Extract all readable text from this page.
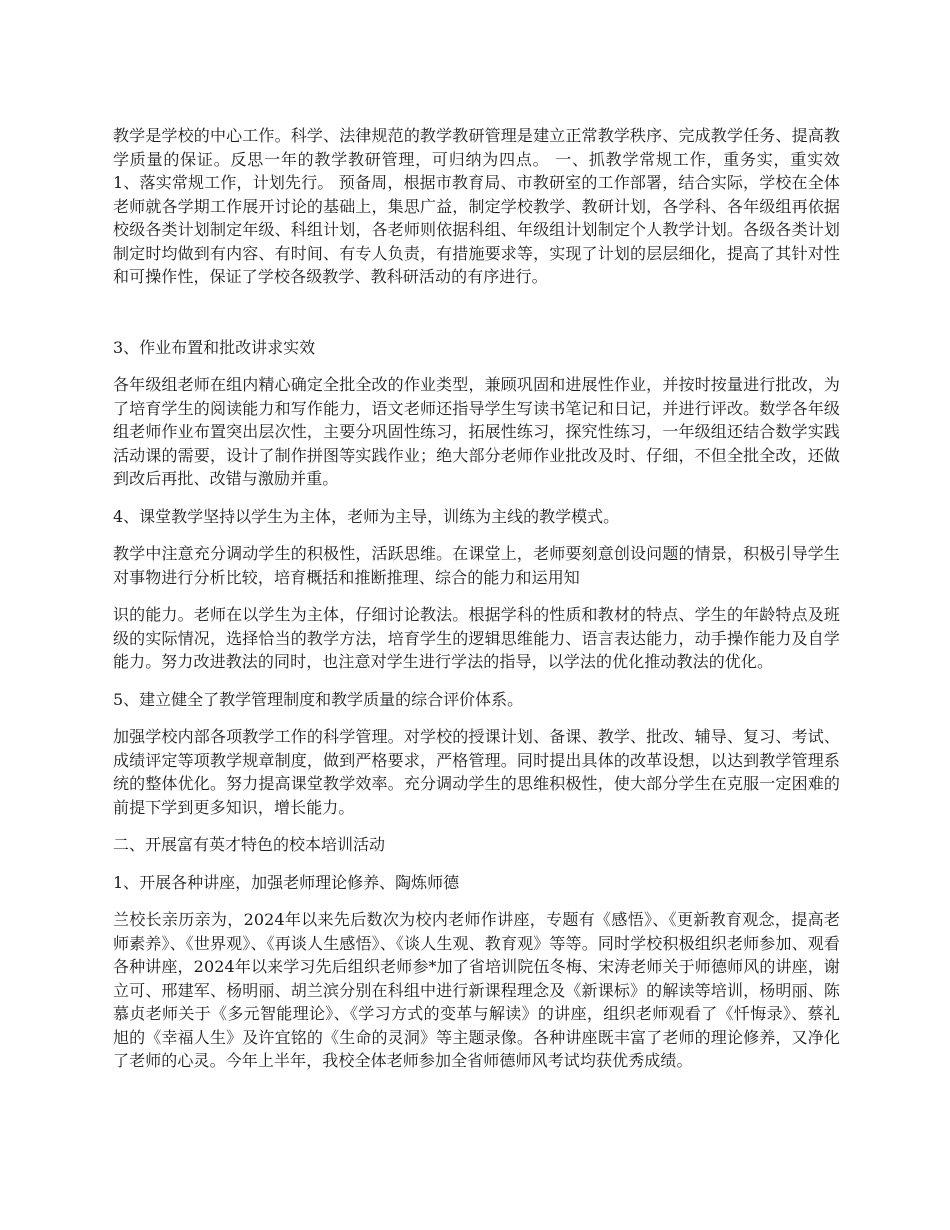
教学是学校的中心工作。科学、法律规范的教学教研管理是建立正常教学秩序、完成教学任务、提高教学质量的保证。反思一年的教学教研管理，可归纳为四点。 一、抓教学常规工作，重务实，重实效 1、落实常规工作，计划先行。 预备周，根据市教育局、市教研室的工作部署，结合实际，学校在全体老师就各学期工作展开讨论的基础上，集思广益，制定学校教学、教研计划，各学科、各年级组再依据校级各类计划制定年级、科组计划，各老师则依据科组、年级组计划制定个人教学计划。各级各类计划制定时均做到有内容、有时间、有专人负责，有措施要求等，实现了计划的层层细化，提高了其针对性和可操作性，保证了学校各级教学、教科研活动的有序进行。

3、作业布置和批改讲求实效

各年级组老师在组内精心确定全批全改的作业类型，兼顾巩固和进展性作业，并按时按量进行批改，为了培育学生的阅读能力和写作能力，语文老师还指导学生写读书笔记和日记，并进行评改。数学各年级组老师作业布置突出层次性，主要分巩固性练习，拓展性练习，探究性练习，一年级组还结合数学实践活动课的需要，设计了制作拼图等实践作业；绝大部分老师作业批改及时、仔细，不但全批全改，还做到改后再批、改错与激励并重。

4、课堂教学坚持以学生为主体，老师为主导，训练为主线的教学模式。

教学中注意充分调动学生的积极性，活跃思维。在课堂上，老师要刻意创设问题的情景，积极引导学生对事物进行分析比较，培育概括和推断推理、综合的能力和运用知

识的能力。老师在以学生为主体，仔细讨论教法。根据学科的性质和教材的特点、学生的年龄特点及班级的实际情况，选择恰当的教学方法，培育学生的逻辑思维能力、语言表达能力，动手操作能力及自学能力。努力改进教法的同时，也注意对学生进行学法的指导，以学法的优化推动教法的优化。

5、建立健全了教学管理制度和教学质量的综合评价体系。

加强学校内部各项教学工作的科学管理。对学校的授课计划、备课、教学、批改、辅导、复习、考试、成绩评定等项教学规章制度，做到严格要求，严格管理。同时提出具体的改革设想，以达到教学管理系统的整体优化。努力提高课堂教学效率。充分调动学生的思维积极性，使大部分学生在克服一定困难的前提下学到更多知识，增长能力。

二、开展富有英才特色的校本培训活动

1、开展各种讲座，加强老师理论修养、陶炼师德

兰校长亲历亲为，2024年以来先后数次为校内老师作讲座，专题有《感悟》、《更新教育观念，提高老师素养》、《世界观》、《再谈人生感悟》、《谈人生观、教育观》等等。同时学校积极组织老师参加、观看各种讲座，2024年以来学习先后组织老师参*加了省培训院伍冬梅、宋涛老师关于师德师风的讲座，谢立可、邢建军、杨明丽、胡兰滨分别在科组中进行新课程理念及《新课标》的解读等培训，杨明丽、陈慕贞老师关于《多元智能理论》、《学习方式的变革与解读》的讲座，组织老师观看了《忏悔录》、蔡礼旭的《幸福人生》及许宜铭的《生命的灵洞》等主题录像。各种讲座既丰富了老师的理论修养，又净化了老师的心灵。今年上半年，我校全体老师参加全省师德师风考试均获优秀成绩。
